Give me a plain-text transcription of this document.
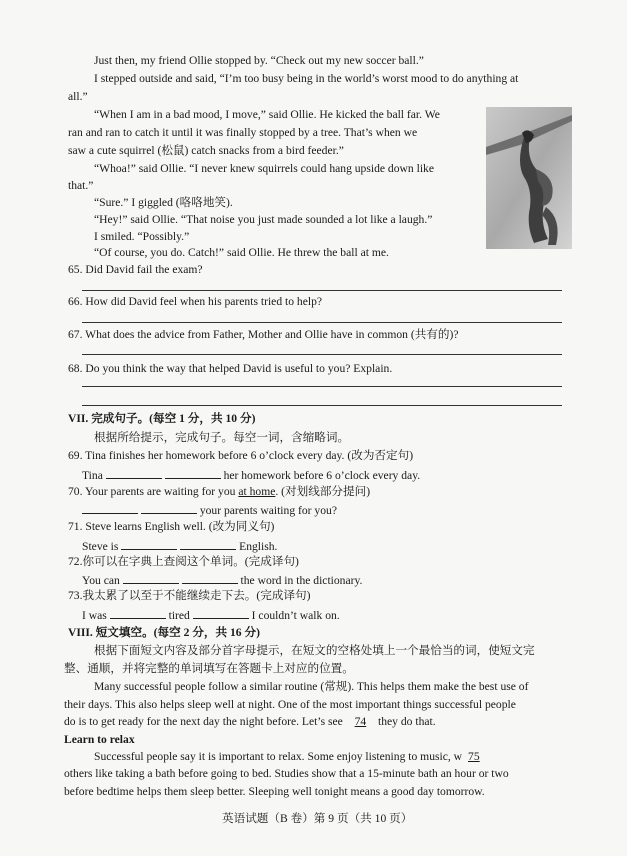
Just then, my friend Ollie stopped by. “Check out my new soccer ball.”
I stepped outside and said, “I’m too busy being in the world’s worst mood to do anything at
all.”
“When I am in a bad mood, I move,” said Ollie. He kicked the ball far. We
ran and ran to catch it until it was finally stopped by a tree. That’s when we
saw a cute squirrel (松鼠) catch snacks from a bird feeder.”
“Whoa!” said Ollie. “I never knew squirrels could hang upside down like
that.”
“Sure.” I giggled (咯咯地笑).
“Hey!” said Ollie. “That noise you just made sounded a lot like a laugh.”
I smiled. “Possibly.”
“Of course, you do. Catch!” said Ollie. He threw the ball at me.
65. Did David fail the exam?
66. How did David feel when his parents tried to help?
67. What does the advice from Father, Mother and Ollie have in common (共有的)?
68. Do you think the way that helped David is useful to you? Explain.
VII. 完成句子。(每空 1 分，共 10 分)
根据所给提示，完成句子。每空一词，含缩略词。
69. Tina finishes her homework before 6 o’clock every day. (改为否定句)
Tina	her homework before 6 o’clock every day.
70. Your parents are waiting for you at home. (对划线部分提问)
your parents waiting for you?
71. Steve learns English well. (改为同义句)
Steve is	English.
72.你可以在字典上查阅这个单词。(完成译句)
You can	the word in the dictionary.
73.我太累了以至于不能继续走下去。(完成译句)
I was	tired	I couldn’t walk on.
VIII. 短文填空。(每空 2 分，共 16 分)
根据下面短文内容及部分首字母提示，在短文的空格处填上一个最恰当的词，使短文完
整、通顺，并将完整的单词填写在答题卡上对应的位置。
Many successful people follow a similar routine (常规). This helps them make the best use of
their days. This also helps sleep well at night. One of the most important things successful people
do is to get ready for the next day the night before. Let’s see 74 they do that.
Learn to relax
Successful people say it is important to relax. Some enjoy listening to music, w 75
others like taking a bath before going to bed. Studies show that a 15-minute bath an hour or two
before bedtime helps them sleep better. Sleeping well tonight means a good day tomorrow.
英语试题（B 卷）第 9 页（共 10 页）
